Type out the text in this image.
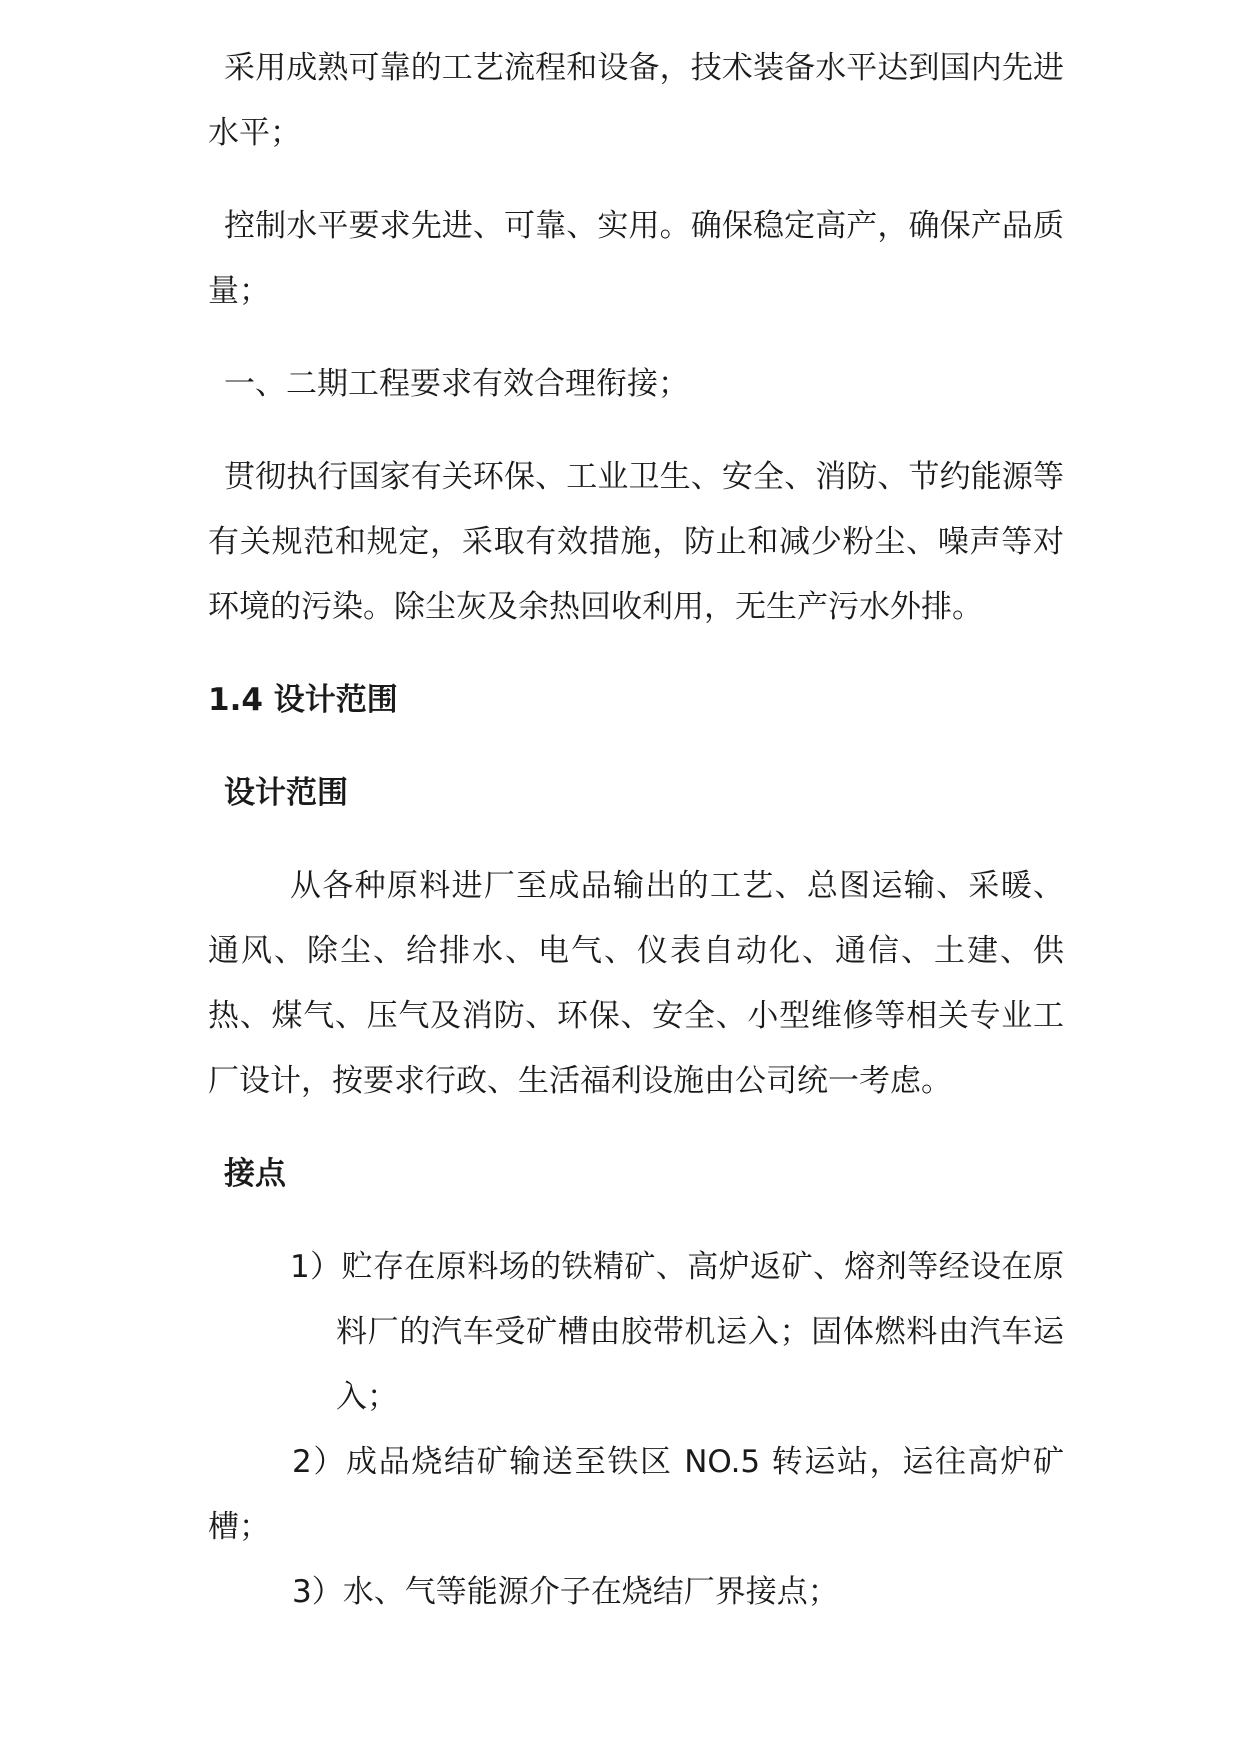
采用成熟可靠的工艺流程和设备，技术装备水平达到国内先进水平；

控制水平要求先进、可靠、实用。确保稳定高产，确保产品质量；

一、二期工程要求有效合理衔接；

贯彻执行国家有关环保、工业卫生、安全、消防、节约能源等有关规范和规定，采取有效措施，防止和减少粉尘、噪声等对环境的污染。除尘灰及余热回收利用，无生产污水外排。

1.4 设计范围
设计范围

从各种原料进厂至成品输出的工艺、总图运输、采暖、通风、除尘、给排水、电气、仪表自动化、通信、土建、供热、煤气、压气及消防、环保、安全、小型维修等相关专业工厂设计，按要求行政、生活福利设施由公司统一考虑。

接点

1）贮存在原料场的铁精矿、高炉返矿、熔剂等经设在原料厂的汽车受矿槽由胶带机运入；固体燃料由汽车运入；

2）成品烧结矿输送至铁区 NO.5 转运站，运往高炉矿槽；

3）水、气等能源介子在烧结厂界接点；
